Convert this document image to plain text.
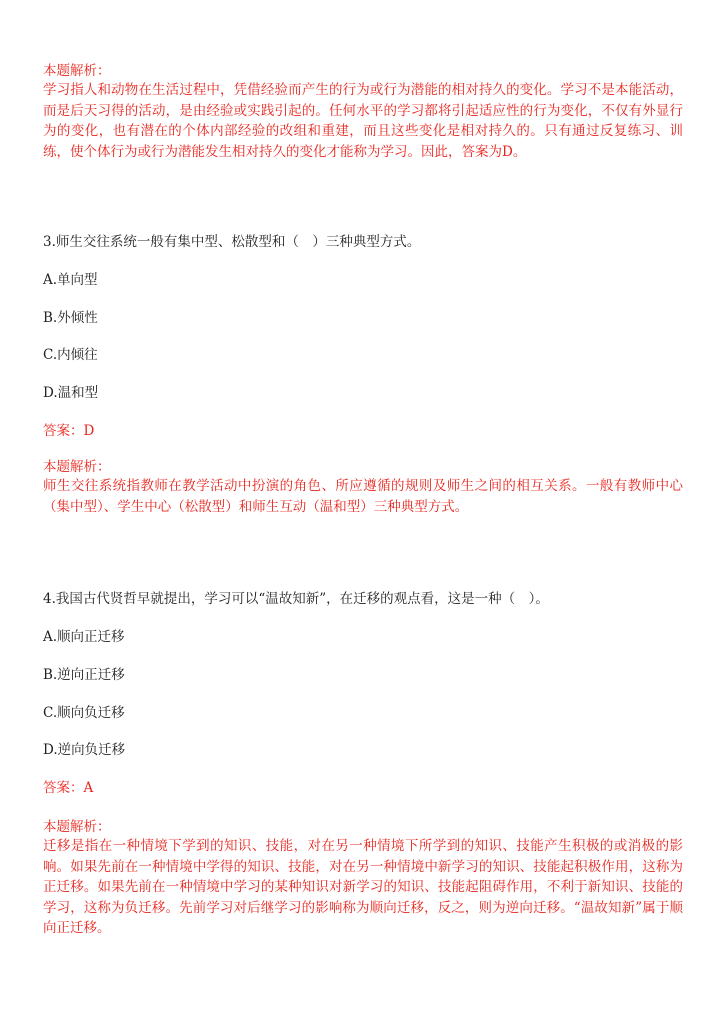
本题解析：
学习指人和动物在生活过程中，凭借经验而产生的行为或行为潜能的相对持久的变化。学习不是本能活动，而是后天习得的活动，是由经验或实践引起的。任何水平的学习都将引起适应性的行为变化，不仅有外显行为的变化，也有潜在的个体内部经验的改组和重建，而且这些变化是相对持久的。只有通过反复练习、训练，使个体行为或行为潜能发生相对持久的变化才能称为学习。因此，答案为D。
3.师生交往系统一般有集中型、松散型和（　）三种典型方式。
A.单向型
B.外倾性
C.内倾往
D.温和型
答案：D
本题解析：
师生交往系统指教师在教学活动中扮演的角色、所应遵循的规则及师生之间的相互关系。一般有教师中心（集中型）、学生中心（松散型）和师生互动（温和型）三种典型方式。
4.我国古代贤哲早就提出，学习可以“温故知新”，在迁移的观点看，这是一种（　）。
A.顺向正迁移
B.逆向正迁移
C.顺向负迁移
D.逆向负迁移
答案：A
本题解析：
迁移是指在一种情境下学到的知识、技能，对在另一种情境下所学到的知识、技能产生积极的或消极的影响。如果先前在一种情境中学得的知识、技能，对在另一种情境中新学习的知识、技能起积极作用，这称为正迁移。如果先前在一种情境中学习的某种知识对新学习的知识、技能起阻碍作用，不利于新知识、技能的学习，这称为负迁移。先前学习对后继学习的影响称为顺向迁移，反之，则为逆向迁移。“温故知新”属于顺向正迁移。
